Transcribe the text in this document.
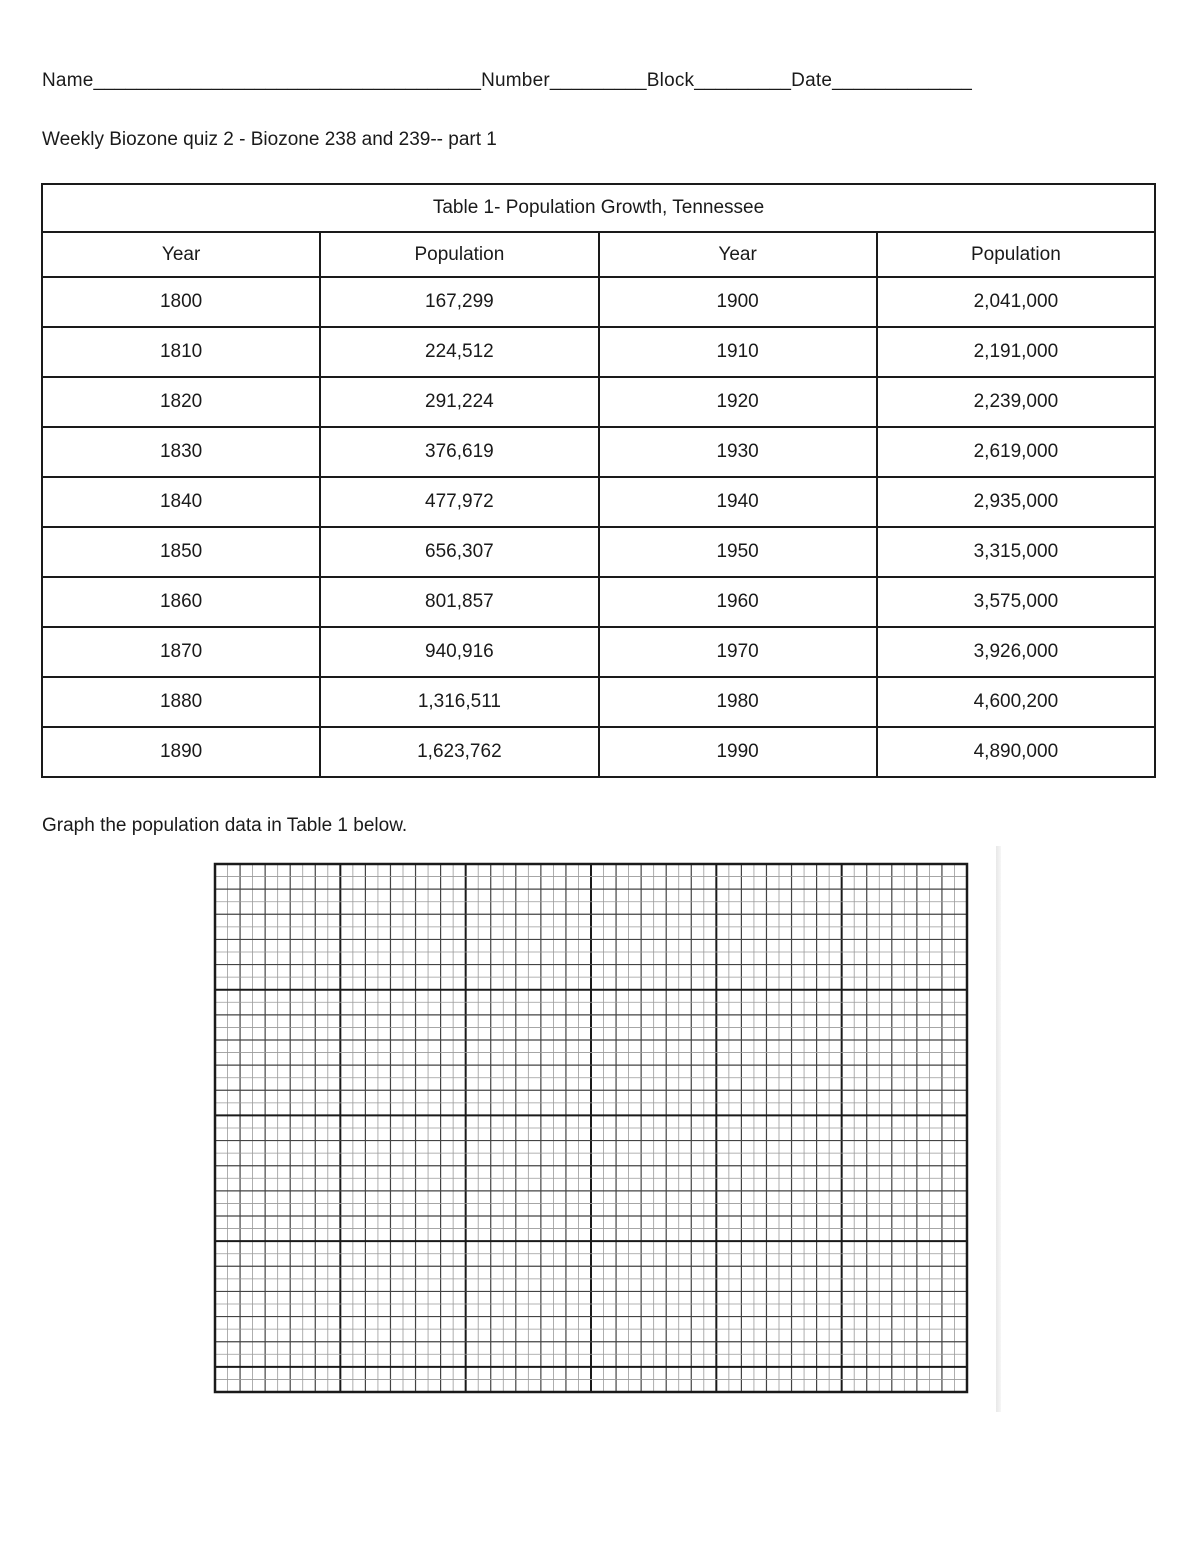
Name____________________________________Number_________Block_________Date_____________
Weekly Biozone quiz 2 - Biozone 238 and 239-- part 1
Table 1- Population Growth, Tennessee			
Year	Population	Year	Population
1800	167,299	1900	2,041,000
1810	224,512	1910	2,191,000
1820	291,224	1920	2,239,000
1830	376,619	1930	2,619,000
1840	477,972	1940	2,935,000
1850	656,307	1950	3,315,000
1860	801,857	1960	3,575,000
1870	940,916	1970	3,926,000
1880	1,316,511	1980	4,600,200
1890	1,623,762	1990	4,890,000
Graph the population data in Table 1 below.
